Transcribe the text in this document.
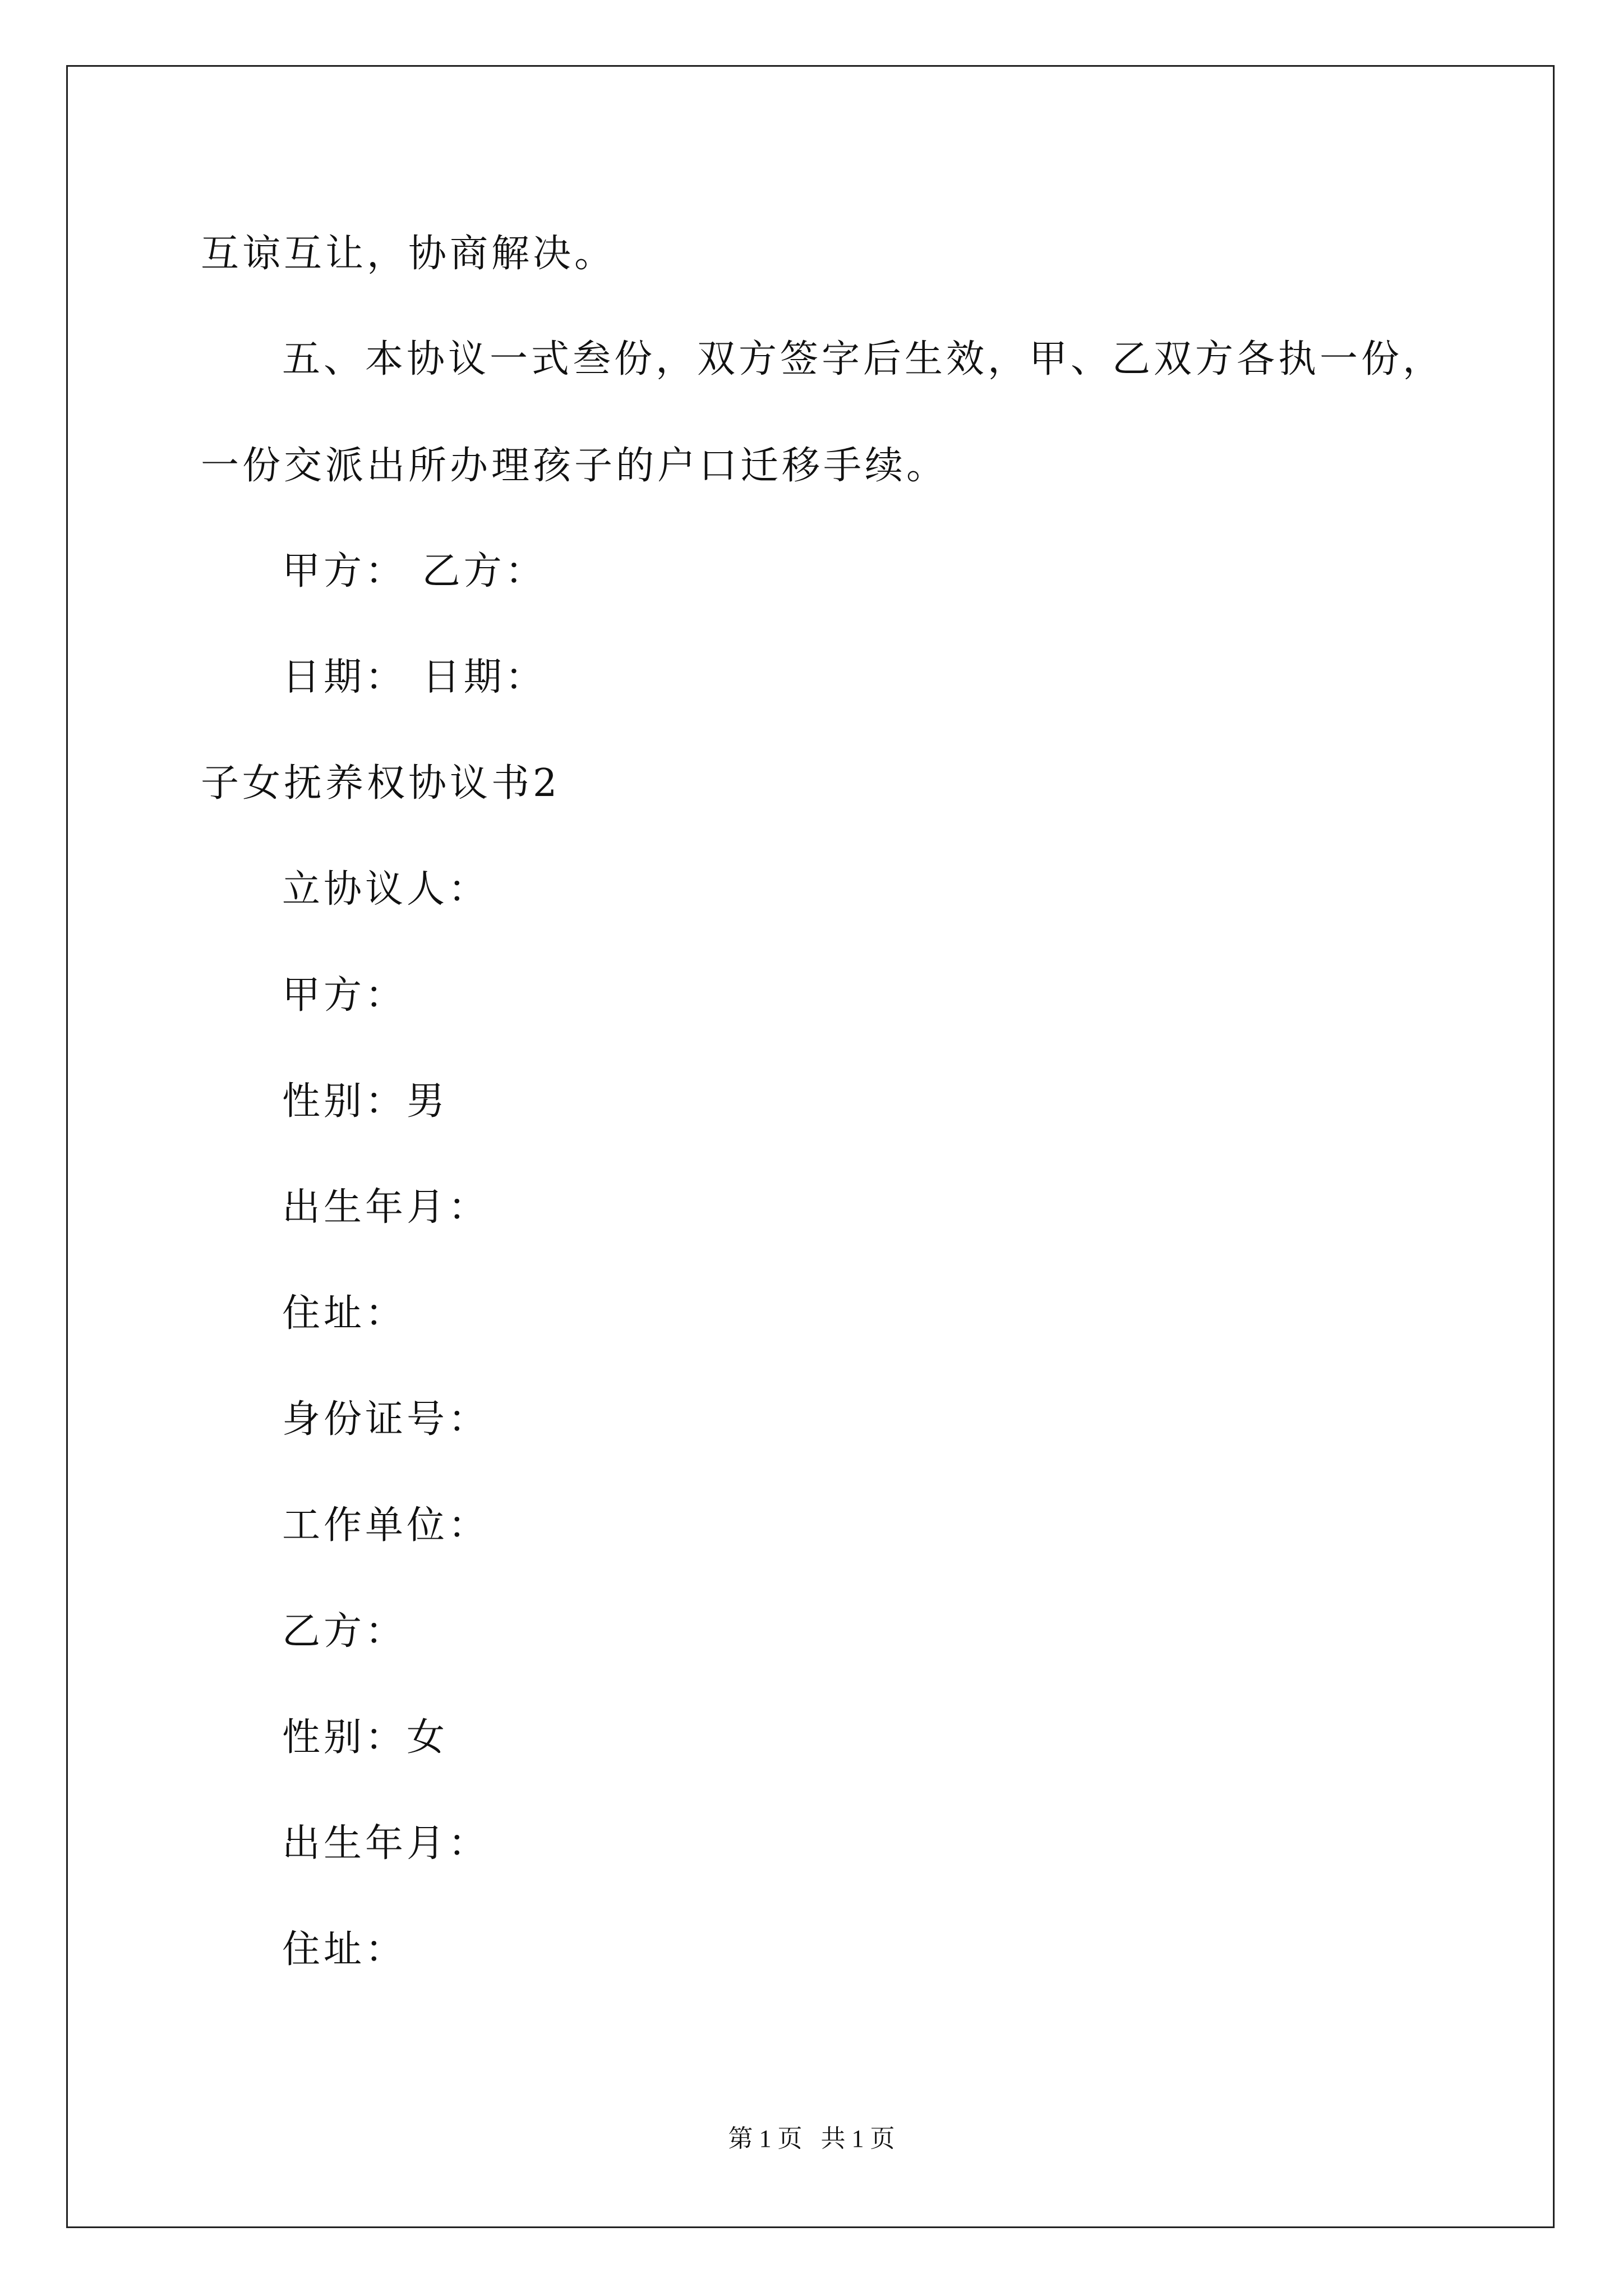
互谅互让，协商解决。
五、本协议一式叁份，双方签字后生效，甲、乙双方各执一份，
一份交派出所办理孩子的户口迁移手续。
甲方： 乙方：
日期： 日期：
子女抚养权协议书2
立协议人：
甲方：
性别：男
出生年月：
住址：
身份证号：
工作单位：
乙方：
性别：女
出生年月：
住址：
第 1 页   共 1 页
